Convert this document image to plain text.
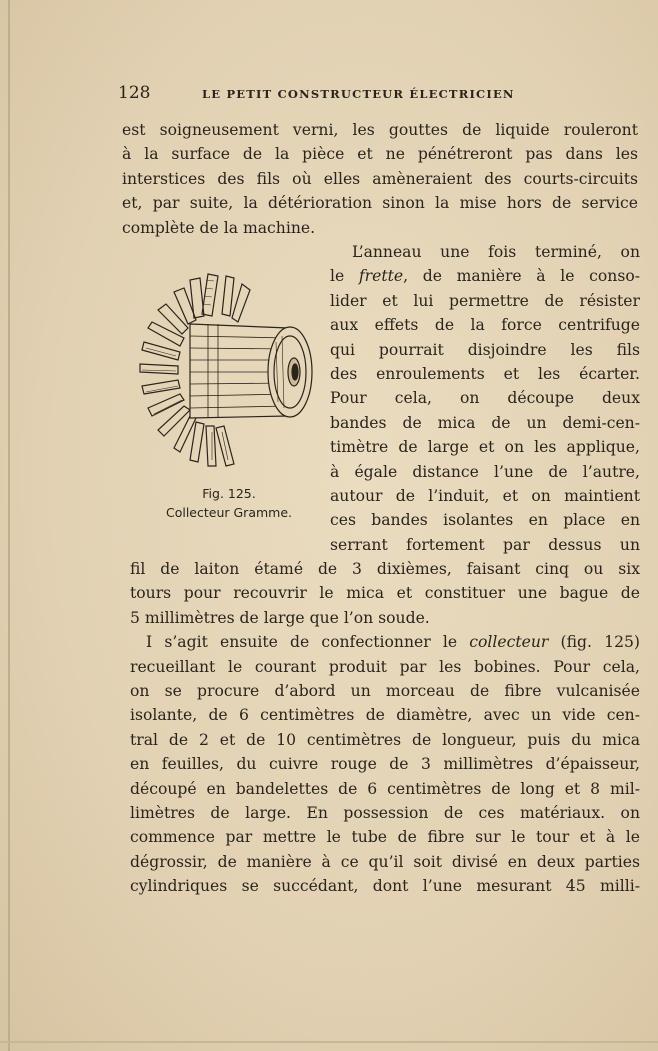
128	LE PETIT CONSTRUCTEUR ÉLECTRICIEN
est soigneusement verni, les gouttes de liquide rouleront
à la surface de la pièce et ne pénétreront pas dans les
interstices des fils où elles amèneraient des courts-circuits
et, par suite, la détérioration sinon la mise hors de service
complète de la machine.
L’anneau une fois terminé, on
le frette, de manière à le conso-
lider et lui permettre de résister
aux effets de la force centrifuge
qui pourrait disjoindre les fils
des enroulements et les écarter.
Pour cela, on découpe deux
bandes de mica de un demi-cen-
timètre de large et on les applique,
à égale distance l’une de l’autre,
autour de l’induit, et on maintient
ces bandes isolantes en place en
serrant fortement par dessus un
Fig. 125.
Collecteur Gramme.
fil de laiton étamé de 3 dixièmes, faisant cinq ou six
tours pour recouvrir le mica et constituer une bague de
5 millimètres de large que l’on soude.
I s’agit ensuite de confectionner le collecteur (fig. 125)
recueillant le courant produit par les bobines. Pour cela,
on se procure d’abord un morceau de fibre vulcanisée
isolante, de 6 centimètres de diamètre, avec un vide cen-
tral de 2 et de 10 centimètres de longueur, puis du mica
en feuilles, du cuivre rouge de 3 millimètres d’épaisseur,
découpé en bandelettes de 6 centimètres de long et 8 mil-
limètres de large. En possession de ces matériaux. on
commence par mettre le tube de fibre sur le tour et à le
dégrossir, de manière à ce qu’il soit divisé en deux parties
cylindriques se succédant, dont l’une mesurant 45 milli-
